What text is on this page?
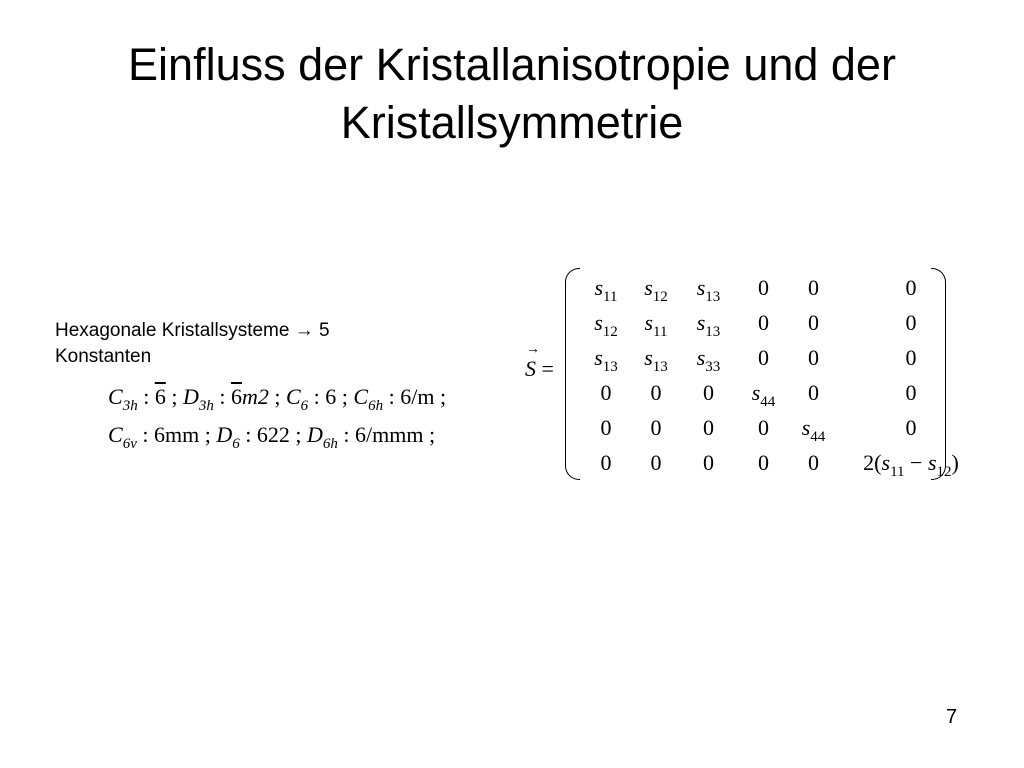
Einfluss der Kristallanisotropie und der
Kristallsymmetrie
Hexagonale Kristallsysteme → 5
Konstanten
$C_{3h}$ : 6 ; $D_{3h}$ : 6m2 ; $C_6$ : 6 ; $C_{6h}$ : 6/m ;
$C_{6v}$ : 6mm ; $D_6$ : 622 ; $D_{6h}$ : 6/mmm ;
→ S =
$s_{11}$	$s_{12}$	$s_{13}$	0	0	0
$s_{12}$	$s_{11}$	$s_{13}$	0	0	0
$s_{13}$	$s_{13}$	$s_{33}$	0	0	0
0	0	0	$s_{44}$	0	0
0	0	0	0	$s_{44}$	0
0	0	0	0	0	$2(s_{11} - s_{12})$
7
